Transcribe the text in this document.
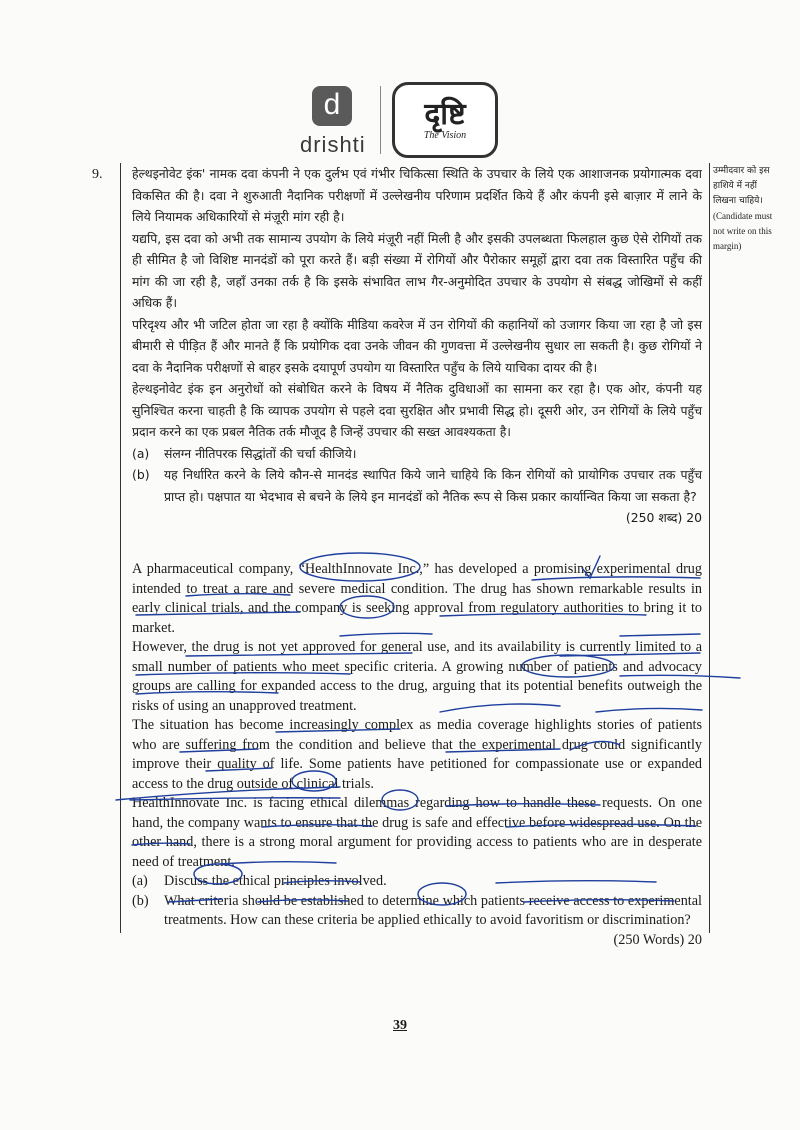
d
drishti
दृष्टि
The Vision
9.	उम्मीदवार को इस
हाशिये में नहीं
लिखना चाहिये।
(Candidate must
not write on this
margin)

हेल्थइनोवेट इंक' नामक दवा कंपनी ने एक दुर्लभ एवं गंभीर चिकित्सा स्थिति के उपचार के लिये एक आशाजनक प्रयोगात्मक दवा विकसित की है। दवा ने शुरुआती नैदानिक परीक्षणों में उल्लेखनीय परिणाम प्रदर्शित किये हैं और कंपनी इसे बाज़ार में लाने के लिये नियामक अधिकारियों से मंज़ूरी मांग रही है।

यद्यपि, इस दवा को अभी तक सामान्य उपयोग के लिये मंज़ूरी नहीं मिली है और इसकी उपलब्धता फिलहाल कुछ ऐसे रोगियों तक ही सीमित है जो विशिष्ट मानदंडों को पूरा करते हैं। बड़ी संख्या में रोगियों और पैरोकार समूहों द्वारा दवा तक विस्तारित पहुँच की मांग की जा रही है, जहाँ उनका तर्क है कि इसके संभावित लाभ गैर-अनुमोदित उपचार के उपयोग से संबद्ध जोखिमों से कहीं अधिक हैं।

परिदृश्य और भी जटिल होता जा रहा है क्योंकि मीडिया कवरेज में उन रोगियों की कहानियों को उजागर किया जा रहा है जो इस बीमारी से पीड़ित हैं और मानते हैं कि प्रयोगिक दवा उनके जीवन की गुणवत्ता में उल्लेखनीय सुधार ला सकती है। कुछ रोगियों ने दवा के नैदानिक परीक्षणों से बाहर इसके दयापूर्ण उपयोग या विस्तारित पहुँच के लिये याचिका दायर की है।

हेल्थइनोवेट इंक इन अनुरोधों को संबोधित करने के विषय में नैतिक दुविधाओं का सामना कर रहा है। एक ओर, कंपनी यह सुनिश्चित करना चाहती है कि व्यापक उपयोग से पहले दवा सुरक्षित और प्रभावी सिद्ध हो। दूसरी ओर, उन रोगियों के लिये पहुँच प्रदान करने का एक प्रबल नैतिक तर्क मौजूद है जिन्हें उपचार की सख्त आवश्यकता है।

(a)	संलग्न नीतिपरक सिद्धांतों की चर्चा कीजिये।
(b)	यह निर्धारित करने के लिये कौन-से मानदंड स्थापित किये जाने चाहिये कि किन रोगियों को प्रायोगिक उपचार तक पहुँच प्राप्त हो। पक्षपात या भेदभाव से बचने के लिये इन मानदंडों को नैतिक रूप से किस प्रकार कार्यान्वित किया जा सकता है?
(250 शब्द) 20

A pharmaceutical company, “HealthInnovate Inc.,” has developed a promising experimental drug intended to treat a rare and severe medical condition. The drug has shown remarkable results in early clinical trials, and the company is seeking approval from regulatory authorities to bring it to market.

However, the drug is not yet approved for general use, and its availability is currently limited to a small number of patients who meet specific criteria. A growing number of patients and advocacy groups are calling for expanded access to the drug, arguing that its potential benefits outweigh the risks of using an unapproved treatment.

The situation has become increasingly complex as media coverage highlights stories of patients who are suffering from the condition and believe that the experimental drug could significantly improve their quality of life. Some patients have petitioned for compassionate use or expanded access to the drug outside of clinical trials.

HealthInnovate Inc. is facing ethical dilemmas regarding how to handle these requests. On one hand, the company wants to ensure that the drug is safe and effective before widespread use. On the other hand, there is a strong moral argument for providing access to patients who are in desperate need of treatment.

(a)	Discuss the ethical principles involved.
(b)	What criteria should be established to determine which patients receive access to experimental treatments. How can these criteria be applied ethically to avoid favoritism or discrimination?
(250 Words) 20
39
